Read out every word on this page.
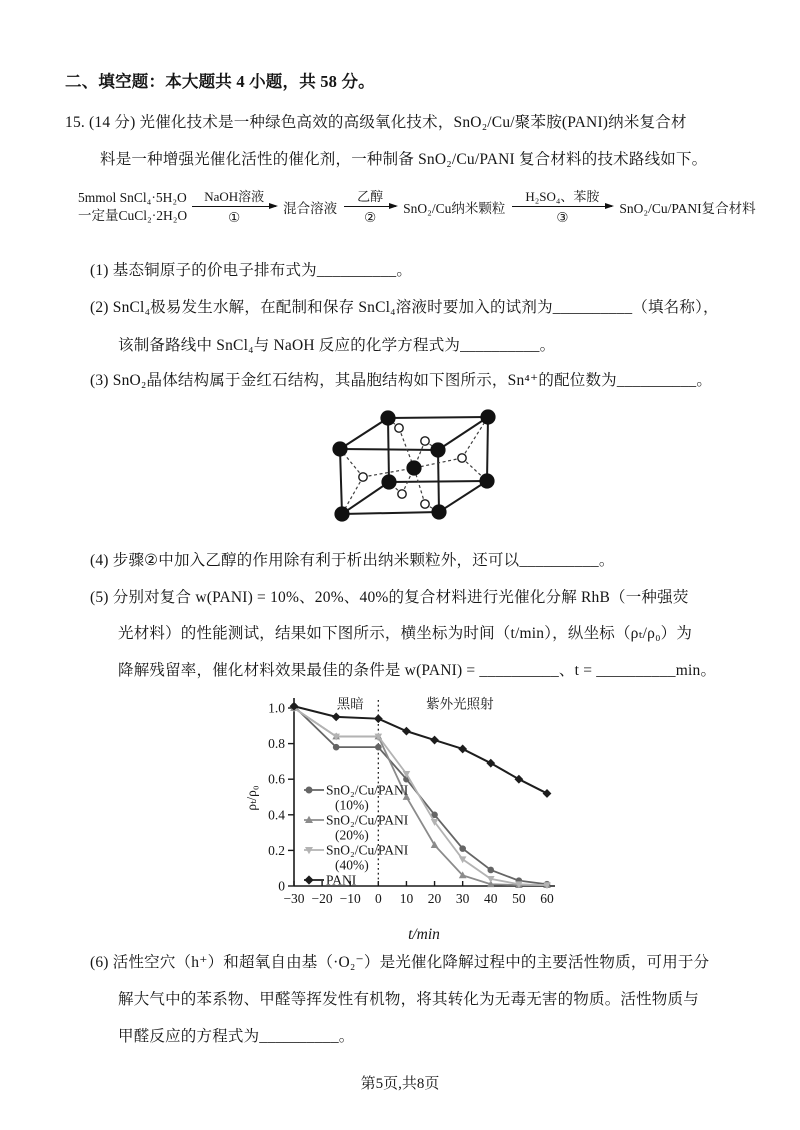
二、填空题：本大题共 4 小题，共 58 分。
15. (14 分) 光催化技术是一种绿色高效的高级氧化技术，SnO₂/Cu/聚苯胺(PANI)纳米复合材
料是一种增强光催化活性的催化剂，一种制备 SnO₂/Cu/PANI 复合材料的技术路线如下。
5mmol SnCl₄·5H₂O
一定量CuCl₂·2H₂O
NaOH溶液
①
混合溶液
乙醇
②
SnO₂/Cu纳米颗粒
H₂SO₄、苯胺
③
SnO₂/Cu/PANI复合材料
(1) 基态铜原子的价电子排布式为__________。
(2) SnCl₄极易发生水解，在配制和保存 SnCl₄溶液时要加入的试剂为__________（填名称），
该制备路线中 SnCl₄与 NaOH 反应的化学方程式为__________。
(3) SnO₂晶体结构属于金红石结构，其晶胞结构如下图所示，Sn⁴⁺的配位数为__________。
(4) 步骤②中加入乙醇的作用除有利于析出纳米颗粒外，还可以__________。
(5) 分别对复合 w(PANI) = 10%、20%、40%的复合材料进行光催化分解 RhB（一种强荧
光材料）的性能测试，结果如下图所示，横坐标为时间（t/min），纵坐标（ρₜ/ρ₀）为
降解残留率，催化材料效果最佳的条件是 w(PANI) = __________、t = __________min。
0
0.2
0.4
0.6
0.8
1.0
−30 −20 −10 0 10 20 30 40 50 60
黑暗	紫外光照射
ρₜ/ρ₀
t/min
SnO₂/Cu/PANI
(10%)
SnO₂/Cu/PANI
(20%)
SnO₂/Cu/PANI
(40%)
PANI
(6) 活性空穴（h⁺）和超氧自由基（·O₂⁻）是光催化降解过程中的主要活性物质，可用于分
解大气中的苯系物、甲醛等挥发性有机物，将其转化为无毒无害的物质。活性物质与
甲醛反应的方程式为__________。
第5页,共8页
